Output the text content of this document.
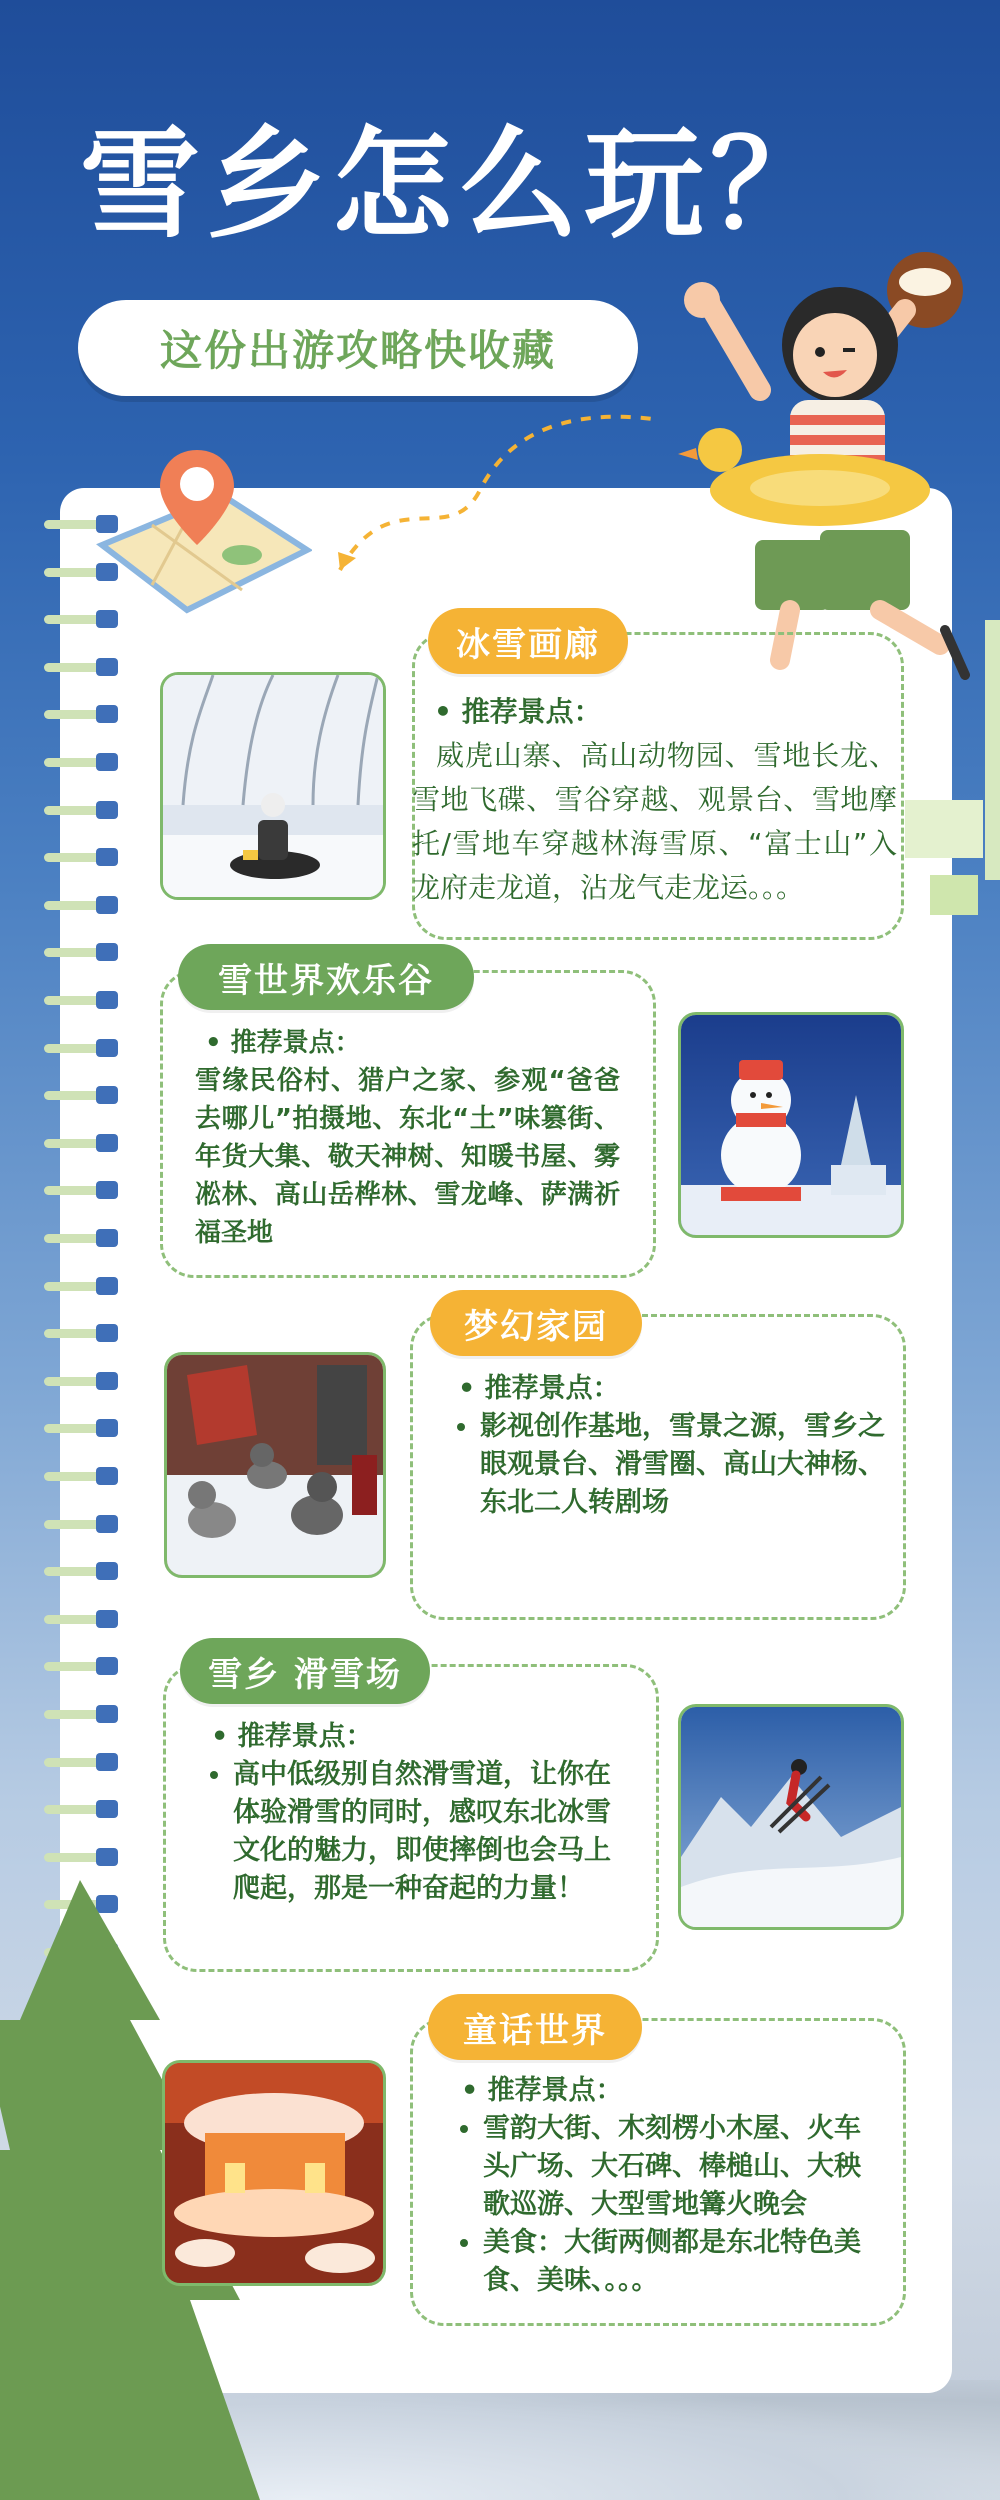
雪乡怎么玩？
这份出游攻略快收藏
冰雪画廊
• 推荐景点：
威虎山寨、高山动物园、雪地长龙、雪地飞碟、雪谷穿越、观景台、雪地摩托/雪地车穿越林海雪原、“富士山”入龙府走龙道，沾龙气走龙运。。。
雪世界欢乐谷
• 推荐景点：
雪缘民俗村、猎户之家、参观“爸爸去哪儿”拍摄地、东北“土”味篡街、年货大集、敬天神树、知暖书屋、雾凇林、高山岳桦林、雪龙峰、萨满祈福圣地
梦幻家园
• 推荐景点：
• 影视创作基地，雪景之源，雪乡之眼观景台、滑雪圈、高山大神杨、东北二人转剧场
雪乡 滑雪场
• 推荐景点：
• 高中低级别自然滑雪道，让你在体验滑雪的同时，感叹东北冰雪文化的魅力，即使摔倒也会马上爬起，那是一种奋起的力量！
童话世界
• 推荐景点：
• 雪韵大街、木刻楞小木屋、火车头广场、大石碑、棒槌山、大秧歌巡游、大型雪地篝火晚会
• 美食：大街两侧都是东北特色美食、美味、。。。
